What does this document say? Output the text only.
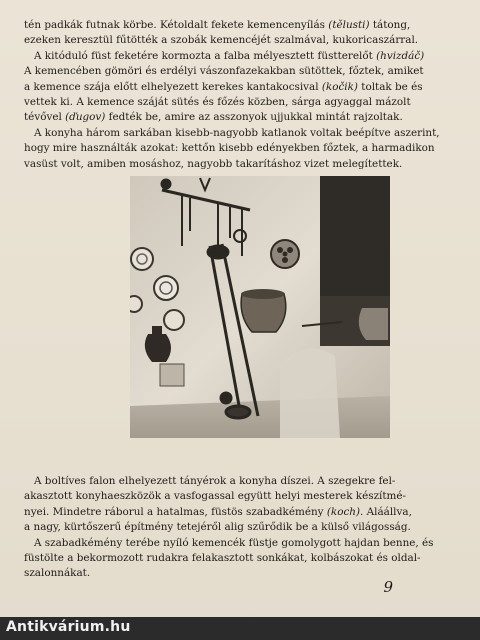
tén padkák futnak körbe. Kétoldalt fekete kemencenyílás (tělusti) tátong,
ezeken keresztül fűtötték a szobák kemencéjét szalmával, kukoricaszárral.
A kitóduló füst feketére kormozta a falba mélyesztett füstterelőt (hvizdáč)
A kemencében gömöri és erdélyi vászonfazekakban sütöttek, főztek, amiket
a kemence szája előtt elhelyezett kerekes kantakocsival (kočik) toltak be és
vettek ki. A kemence száját sütés és főzés közben, sárga agyaggal mázolt
tévővel (ďugov) fedték be, amire az asszonyok ujjukkal mintát rajzoltak.
A konyha három sarkában kisebb-nagyobb katlanok voltak beépítve aszerint,
hogy mire használták azokat: kettőn kisebb edényekben főztek, a harmadikon
vasüst volt, amiben mosáshoz, nagyobb takarításhoz vizet melegítettek.

A boltíves falon elhelyezett tányérok a konyha díszei. A szegekre fel-
akasztott konyhaeszközök a vasfogassal együtt helyi mesterek készítmé-
nyei. Mindetre ráborul a hatalmas, füstös szabadkémény (koch). Aláállva,
a nagy, kürtőszerű építmény tetejéről alig szűrődik be a külső világosság.
A szabadkémény terébe nyíló kemencék füstje gomolygott hajdan benne, és
füstölte a bekormozott rudakra felakasztott sonkákat, kolbászokat és oldal-
szalonnákat.

9
Antikvárium.hu
